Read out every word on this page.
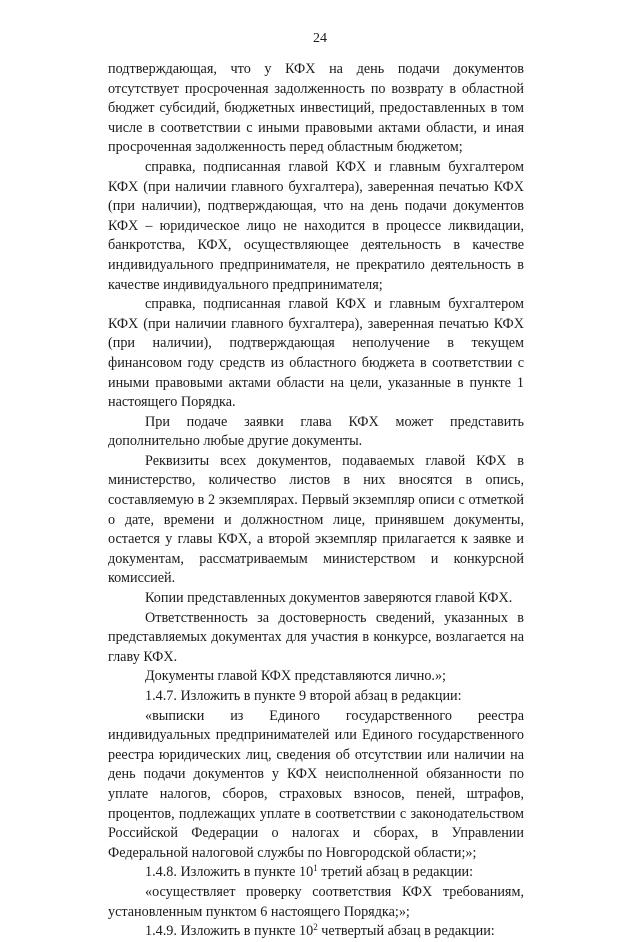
24

подтверждающая, что у КФХ на день подачи документов отсутствует просроченная задолженность по возврату в областной бюджет субсидий, бюджетных инвестиций, предоставленных в том числе в соответствии с иными правовыми актами области, и иная просроченная задолженность перед областным бюджетом;

справка, подписанная главой КФХ и главным бухгалтером КФХ (при наличии главного бухгалтера), заверенная печатью КФХ (при наличии), подтверждающая, что на день подачи документов КФХ – юридическое лицо не находится в процессе ликвидации, банкротства, КФХ, осуществляющее деятельность в качестве индивидуального предпринимателя, не прекратило деятельность в качестве индивидуального предпринимателя;

справка, подписанная главой КФХ и главным бухгалтером КФХ (при наличии главного бухгалтера), заверенная печатью КФХ (при наличии), подтверждающая неполучение в текущем финансовом году средств из областного бюджета в соответствии с иными правовыми актами области на цели, указанные в пункте 1 настоящего Порядка.

При подаче заявки глава КФХ может представить дополнительно любые другие документы.

Реквизиты всех документов, подаваемых главой КФХ в министерство, количество листов в них вносятся в опись, составляемую в 2 экземплярах. Первый экземпляр описи с отметкой о дате, времени и должностном лице, принявшем документы, остается у главы КФХ, а второй экземпляр прилагается к заявке и документам, рассматриваемым министерством и конкурсной комиссией.

Копии представленных документов заверяются главой КФХ.

Ответственность за достоверность сведений, указанных в представляемых документах для участия в конкурсе, возлагается на главу КФХ.

Документы главой КФХ представляются лично.»;

1.4.7. Изложить в пункте 9 второй абзац в редакции:

«выписки из Единого государственного реестра индивидуальных предпринимателей или Единого государственного реестра юридических лиц, сведения об отсутствии или наличии на день подачи документов у КФХ неисполненной обязанности по уплате налогов, сборов, страховых взносов, пеней, штрафов, процентов, подлежащих уплате в соответствии с законодательством Российской Федерации о налогах и сборах, в Управлении Федеральной налоговой службы по Новгородской области;»;

1.4.8. Изложить в пункте $10^1$ третий абзац в редакции:

«осуществляет проверку соответствия КФХ требованиям, установленным пунктом 6 настоящего Порядка;»;

1.4.9. Изложить в пункте $10^2$ четвертый абзац в редакции:
